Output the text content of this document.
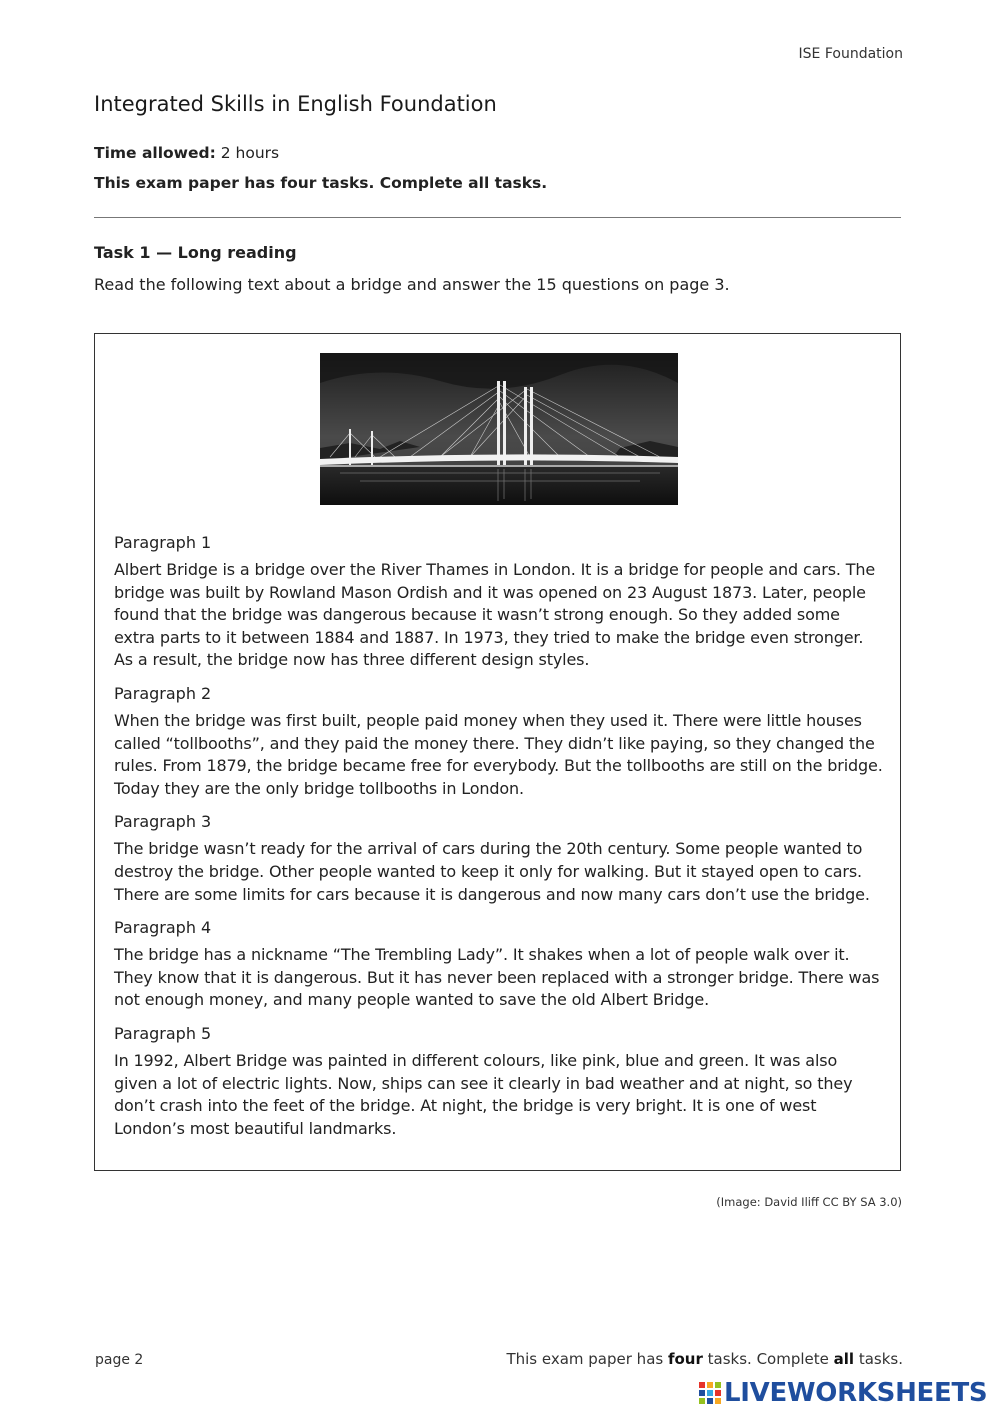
ISE Foundation
Integrated Skills in English Foundation
Time allowed: 2 hours
This exam paper has four tasks. Complete all tasks.
Task 1 — Long reading
Read the following text about a bridge and answer the 15 questions on page 3.
Paragraph 1

Albert Bridge is a bridge over the River Thames in London. It is a bridge for people and cars. The bridge was built by Rowland Mason Ordish and it was opened on 23 August 1873. Later, people found that the bridge was dangerous because it wasn’t strong enough. So they added some extra parts to it between 1884 and 1887. In 1973, they tried to make the bridge even stronger. As a result, the bridge now has three different design styles.

Paragraph 2

When the bridge was first built, people paid money when they used it. There were little houses called “tollbooths”, and they paid the money there. They didn’t like paying, so they changed the rules. From 1879, the bridge became free for everybody. But the tollbooths are still on the bridge. Today they are the only bridge tollbooths in London.

Paragraph 3

The bridge wasn’t ready for the arrival of cars during the 20th century. Some people wanted to destroy the bridge. Other people wanted to keep it only for walking. But it stayed open to cars. There are some limits for cars because it is dangerous and now many cars don’t use the bridge.

Paragraph 4

The bridge has a nickname “The Trembling Lady”. It shakes when a lot of people walk over it. They know that it is dangerous. But it has never been replaced with a stronger bridge. There was not enough money, and many people wanted to save the old Albert Bridge.

Paragraph 5

In 1992, Albert Bridge was painted in different colours, like pink, blue and green. It was also given a lot of electric lights. Now, ships can see it clearly in bad weather and at night, so they don’t crash into the feet of the bridge. At night, the bridge is very bright. It is one of west London’s most beautiful landmarks.

(Image: David Iliff CC BY SA 3.0)
page 2	This exam paper has four tasks. Complete all tasks.
LIVEWORKSHEETS
